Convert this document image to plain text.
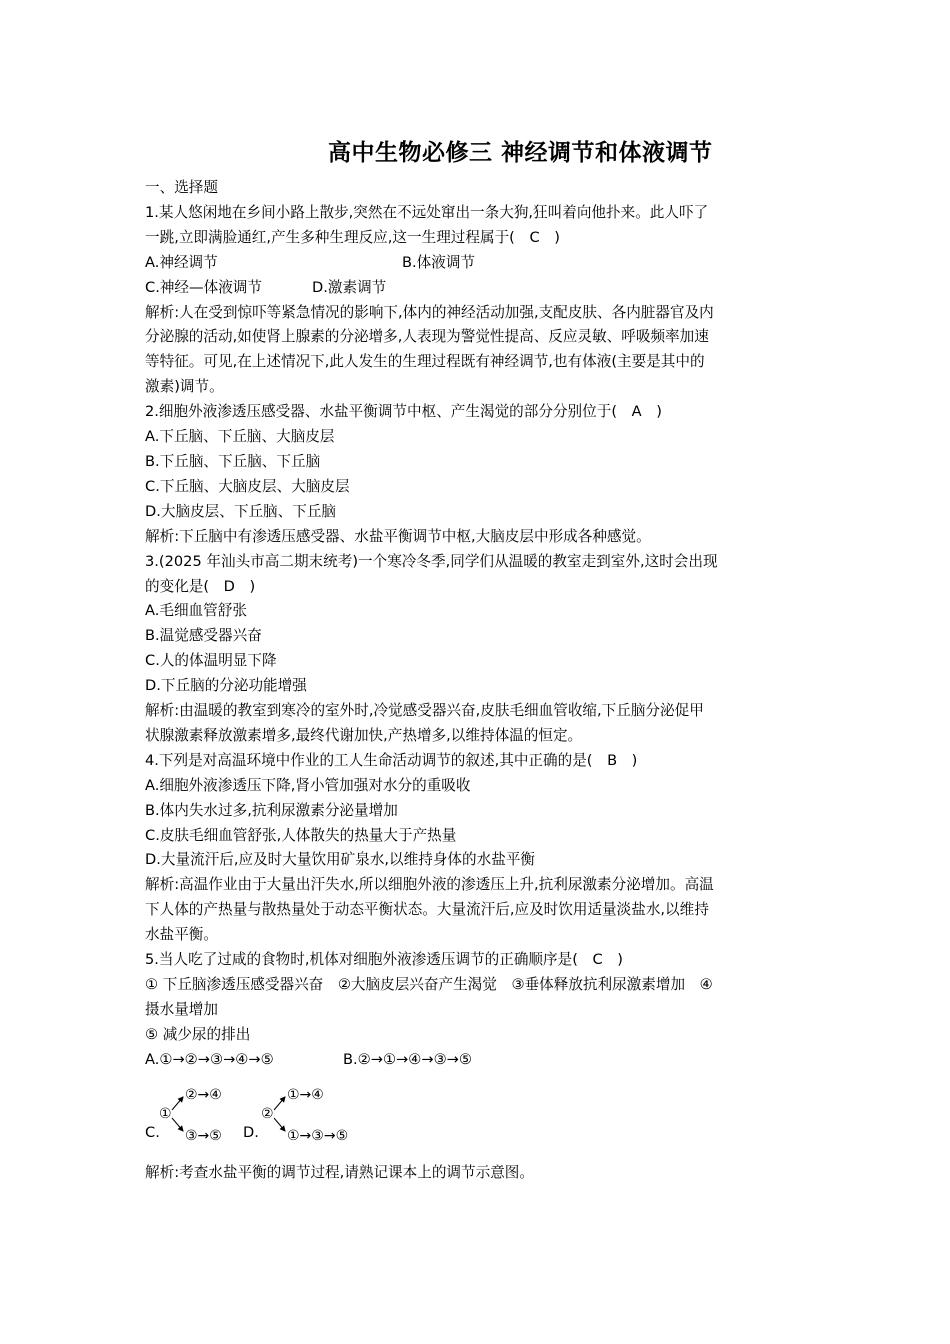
高中生物必修三 神经调节和体液调节

一、选择题

1.某人悠闲地在乡间小路上散步,突然在不远处窜出一条大狗,狂叫着向他扑来。此人吓了

一跳,立即满脸通红,产生多种生理反应,这一生理过程属于(　C　)

A.神经调节	B.体液调节
C.神经—体液调节	D.激素调节

解析:人在受到惊吓等紧急情况的影响下,体内的神经活动加强,支配皮肤、各内脏器官及内

分泌腺的活动,如使肾上腺素的分泌增多,人表现为警觉性提高、反应灵敏、呼吸频率加速

等特征。可见,在上述情况下,此人发生的生理过程既有神经调节,也有体液(主要是其中的

激素)调节。

2.细胞外液渗透压感受器、水盐平衡调节中枢、产生渴觉的部分分别位于(　A　)

A.下丘脑、下丘脑、大脑皮层

B.下丘脑、下丘脑、下丘脑

C.下丘脑、大脑皮层、大脑皮层

D.大脑皮层、下丘脑、下丘脑

解析:下丘脑中有渗透压感受器、水盐平衡调节中枢,大脑皮层中形成各种感觉。

3.(2025 年汕头市高二期末统考)一个寒冷冬季,同学们从温暖的教室走到室外,这时会出现

的变化是(　D　)

A.毛细血管舒张

B.温觉感受器兴奋

C.人的体温明显下降

D.下丘脑的分泌功能增强

解析:由温暖的教室到寒冷的室外时,冷觉感受器兴奋,皮肤毛细血管收缩,下丘脑分泌促甲

状腺激素释放激素增多,最终代谢加快,产热增多,以维持体温的恒定。

4.下列是对高温环境中作业的工人生命活动调节的叙述,其中正确的是(　B　)

A.细胞外液渗透压下降,肾小管加强对水分的重吸收

B.体内失水过多,抗利尿激素分泌量增加

C.皮肤毛细血管舒张,人体散失的热量大于产热量

D.大量流汗后,应及时大量饮用矿泉水,以维持身体的水盐平衡

解析:高温作业由于大量出汗失水,所以细胞外液的渗透压上升,抗利尿激素分泌增加。高温

下人体的产热量与散热量处于动态平衡状态。大量流汗后,应及时饮用适量淡盐水,以维持

水盐平衡。

5.当人吃了过咸的食物时,机体对细胞外液渗透压调节的正确顺序是(　C　)

① 下丘脑渗透压感受器兴奋　②大脑皮层兴奋产生渴觉　③垂体释放抗利尿激素增加　④

摄水量增加

⑤ 减少尿的排出

A.①→②→③→④→⑤	B.②→①→④→③→⑤
C.
①
②→④
③→⑤ D.
②
①→④
①→③→⑤

解析:考查水盐平衡的调节过程,请熟记课本上的调节示意图。
